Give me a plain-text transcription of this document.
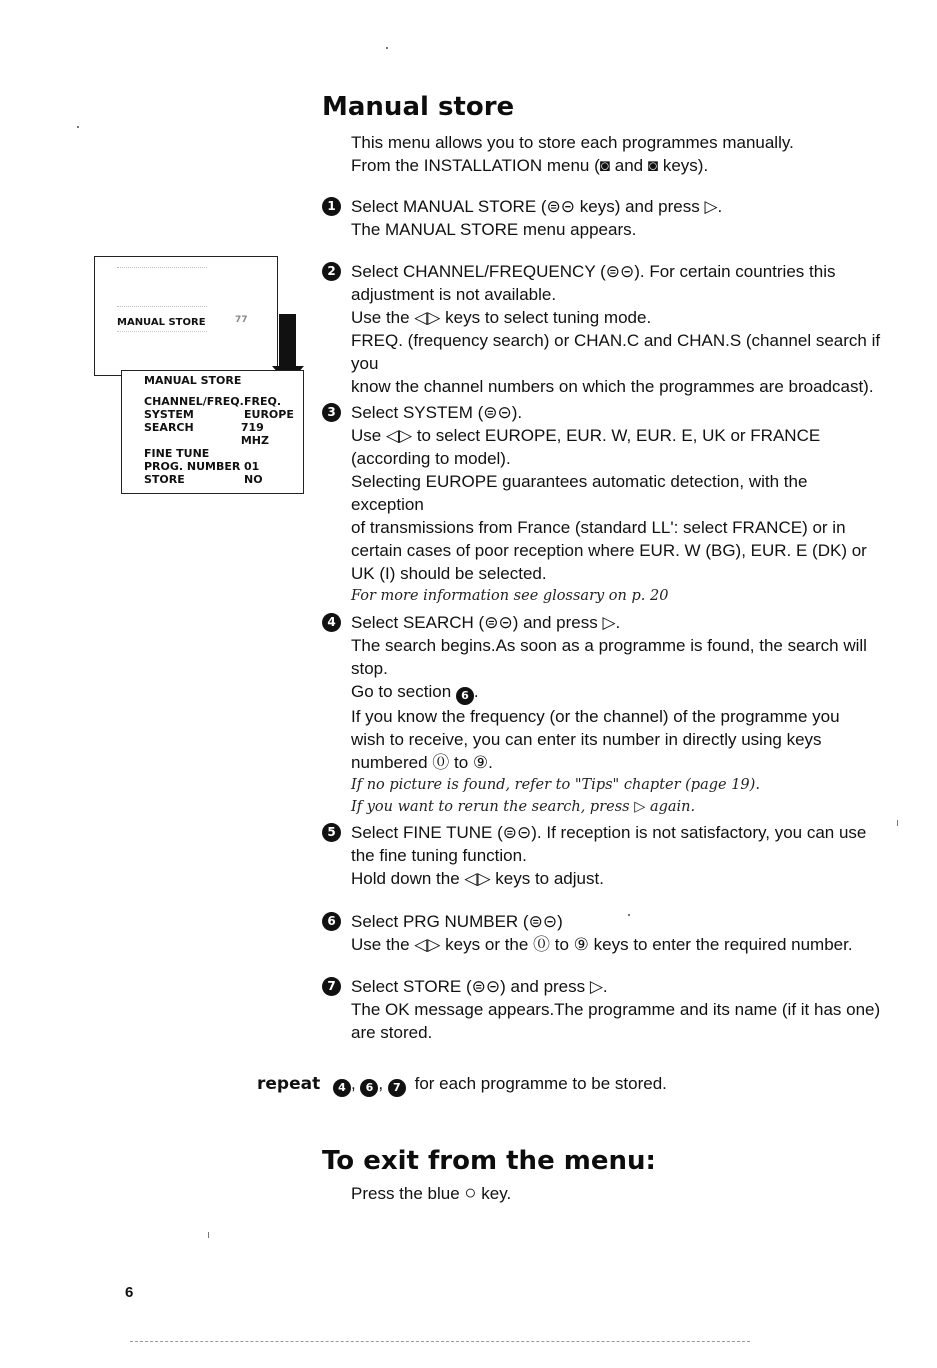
Manual store
This menu allows you to store each programmes manually.
From the INSTALLATION menu (◙ and ◙ keys).
MANUAL STORE	77
MANUAL STORE
CHANNEL/FREQ. FREQ.
SYSTEM	EUROPE
SEARCH	719 MHZ
FINE TUNE
PROG. NUMBER 01
STORE	NO
1 Select MANUAL STORE (⊜⊝ keys) and press ▷.
The MANUAL STORE menu appears.
2 Select CHANNEL/FREQUENCY (⊜⊝). For certain countries this
adjustment is not available.
Use the ◁▷ keys to select tuning mode.
FREQ. (frequency search) or CHAN.C and CHAN.S (channel search if you
know the channel numbers on which the programmes are broadcast).
3 Select SYSTEM (⊜⊝).
Use ◁▷ to select EUROPE, EUR. W, EUR. E, UK or FRANCE
(according to model).
Selecting EUROPE guarantees automatic detection, with the exception
of transmissions from France (standard LL': select FRANCE) or in
certain cases of poor reception where EUR. W (BG), EUR. E (DK) or
UK (I) should be selected.
For more information see glossary on p. 20
4 Select SEARCH (⊜⊝) and press ▷.
The search begins.As soon as a programme is found, the search will stop.
Go to section 6 .
If you know the frequency (or the channel) of the programme you
wish to receive, you can enter its number in directly using keys
numbered ⓪ to ⑨.
If no picture is found, refer to "Tips" chapter (page 19).
If you want to rerun the search, press ▷ again.
5 Select FINE TUNE (⊜⊝). If reception is not satisfactory, you can use
the fine tuning function.
Hold down the ◁▷ keys to adjust.
6 Select PRG NUMBER (⊜⊝)
Use the ◁▷ keys or the ⓪ to ⑨ keys to enter the required number.
7 Select STORE (⊜⊝) and press ▷.
The OK message appears.The programme and its name (if it has one)
are stored.
repeat 4 , 6 , 7 for each programme to be stored.
To exit from the menu:
Press the blue ○ key.
6
